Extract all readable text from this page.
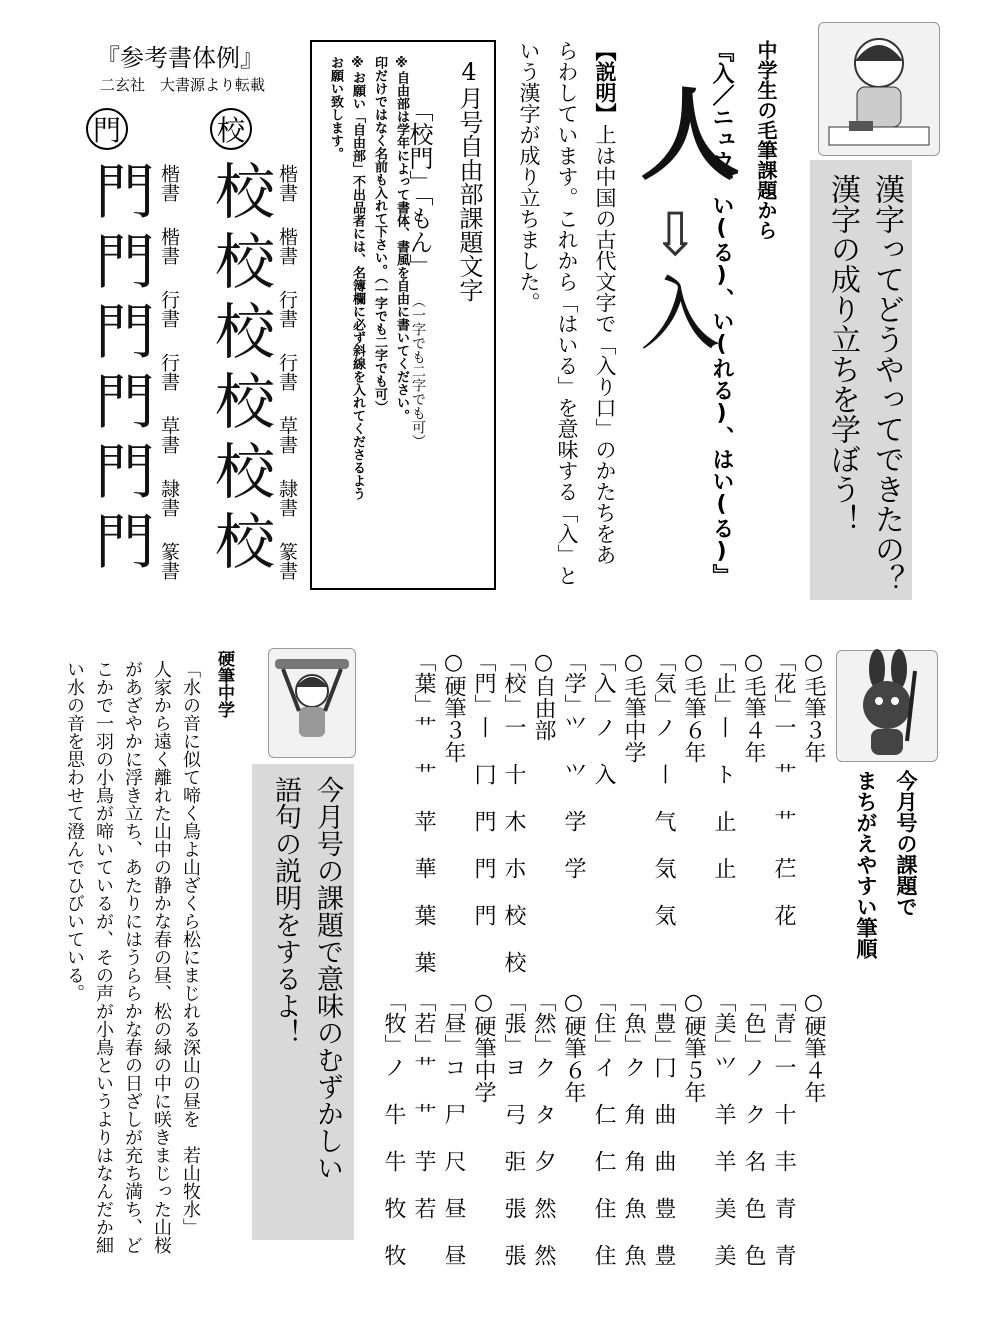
漢字ってどうやってできたの？
漢字の成り立ちを学ぼう！
中学生の毛筆課題から
『入／ニュウ、い(る)、い(れる)、はい(る)』
人
⇩
入
【説明】上は中国の古代文字で「入り口」のかたちをあ
らわしています。これから「はいる」を意味する「入」と
いう漢字が成り立ちました。
4月号自由部課題文字
「校門」「もん」
（一字でも二字でも可）
※自由部は学年によって書体、書風を自由に書いてください。
印だけではなく名前も入れて下さい。（一字でも二字でも可）
※お願い「自由部」不出品者には、名簿欄に必ず斜線を入れてくださるよう
お願い致します。
『参考書体例』
二玄社　大書源より転載
校
門
校校校校校校
門門門門門門	楷書
楷書
行書
行書
草書
隷書
篆書
楷書
楷書
行書
行書
草書
隷書
篆書
今月号の課題で
まちがえやすい筆順
○毛筆３年
「花」一 艹 艹 芢 花
○毛筆４年
「止」丨 ト 止 止
○毛筆６年
「気」ノ ㇑ 气 気 気
○毛筆中学
「入」ノ 入
「学」⺍ ⺍ 学 学
○自由部
「校」一 十 木 朩 校 校
「門」丨 冂 門 門 門
○硬筆３年
「葉」艹 艹 苹 華 葉 葉
○硬筆４年
「青」一 十 丰 青 青
「色」ノ ク 名 色 色
「美」⺍ 羊 羊 美 美
○硬筆５年
「豊」冂 曲 曲 豊 豊
「魚」ク 角 角 魚 魚
「住」イ 仁 仁 住 住
○硬筆６年
「然」ク タ 夕 然 然
「張」ヨ 弓 弡 張 張
○硬筆中学
「昼」コ 尸 尺 昼 昼
「若」艹 艹 芋 若
「牧」ノ 牛 牛 牧 牧
今月号の課題で意味のむずかしい
語句の説明をするよ！
硬筆中学
「水の音に似て啼く鳥よ山ざくら松にまじれる深山の昼を　若山牧水」
人家から遠く離れた山中の静かな春の昼、松の緑の中に咲きまじった山桜
があざやかに浮き立ち、あたりにはうららかな春の日ざしが充ち満ち、ど
こかで一羽の小鳥が啼いているが、その声が小鳥というよりはなんだか細
い水の音を思わせて澄んでひびいている。
